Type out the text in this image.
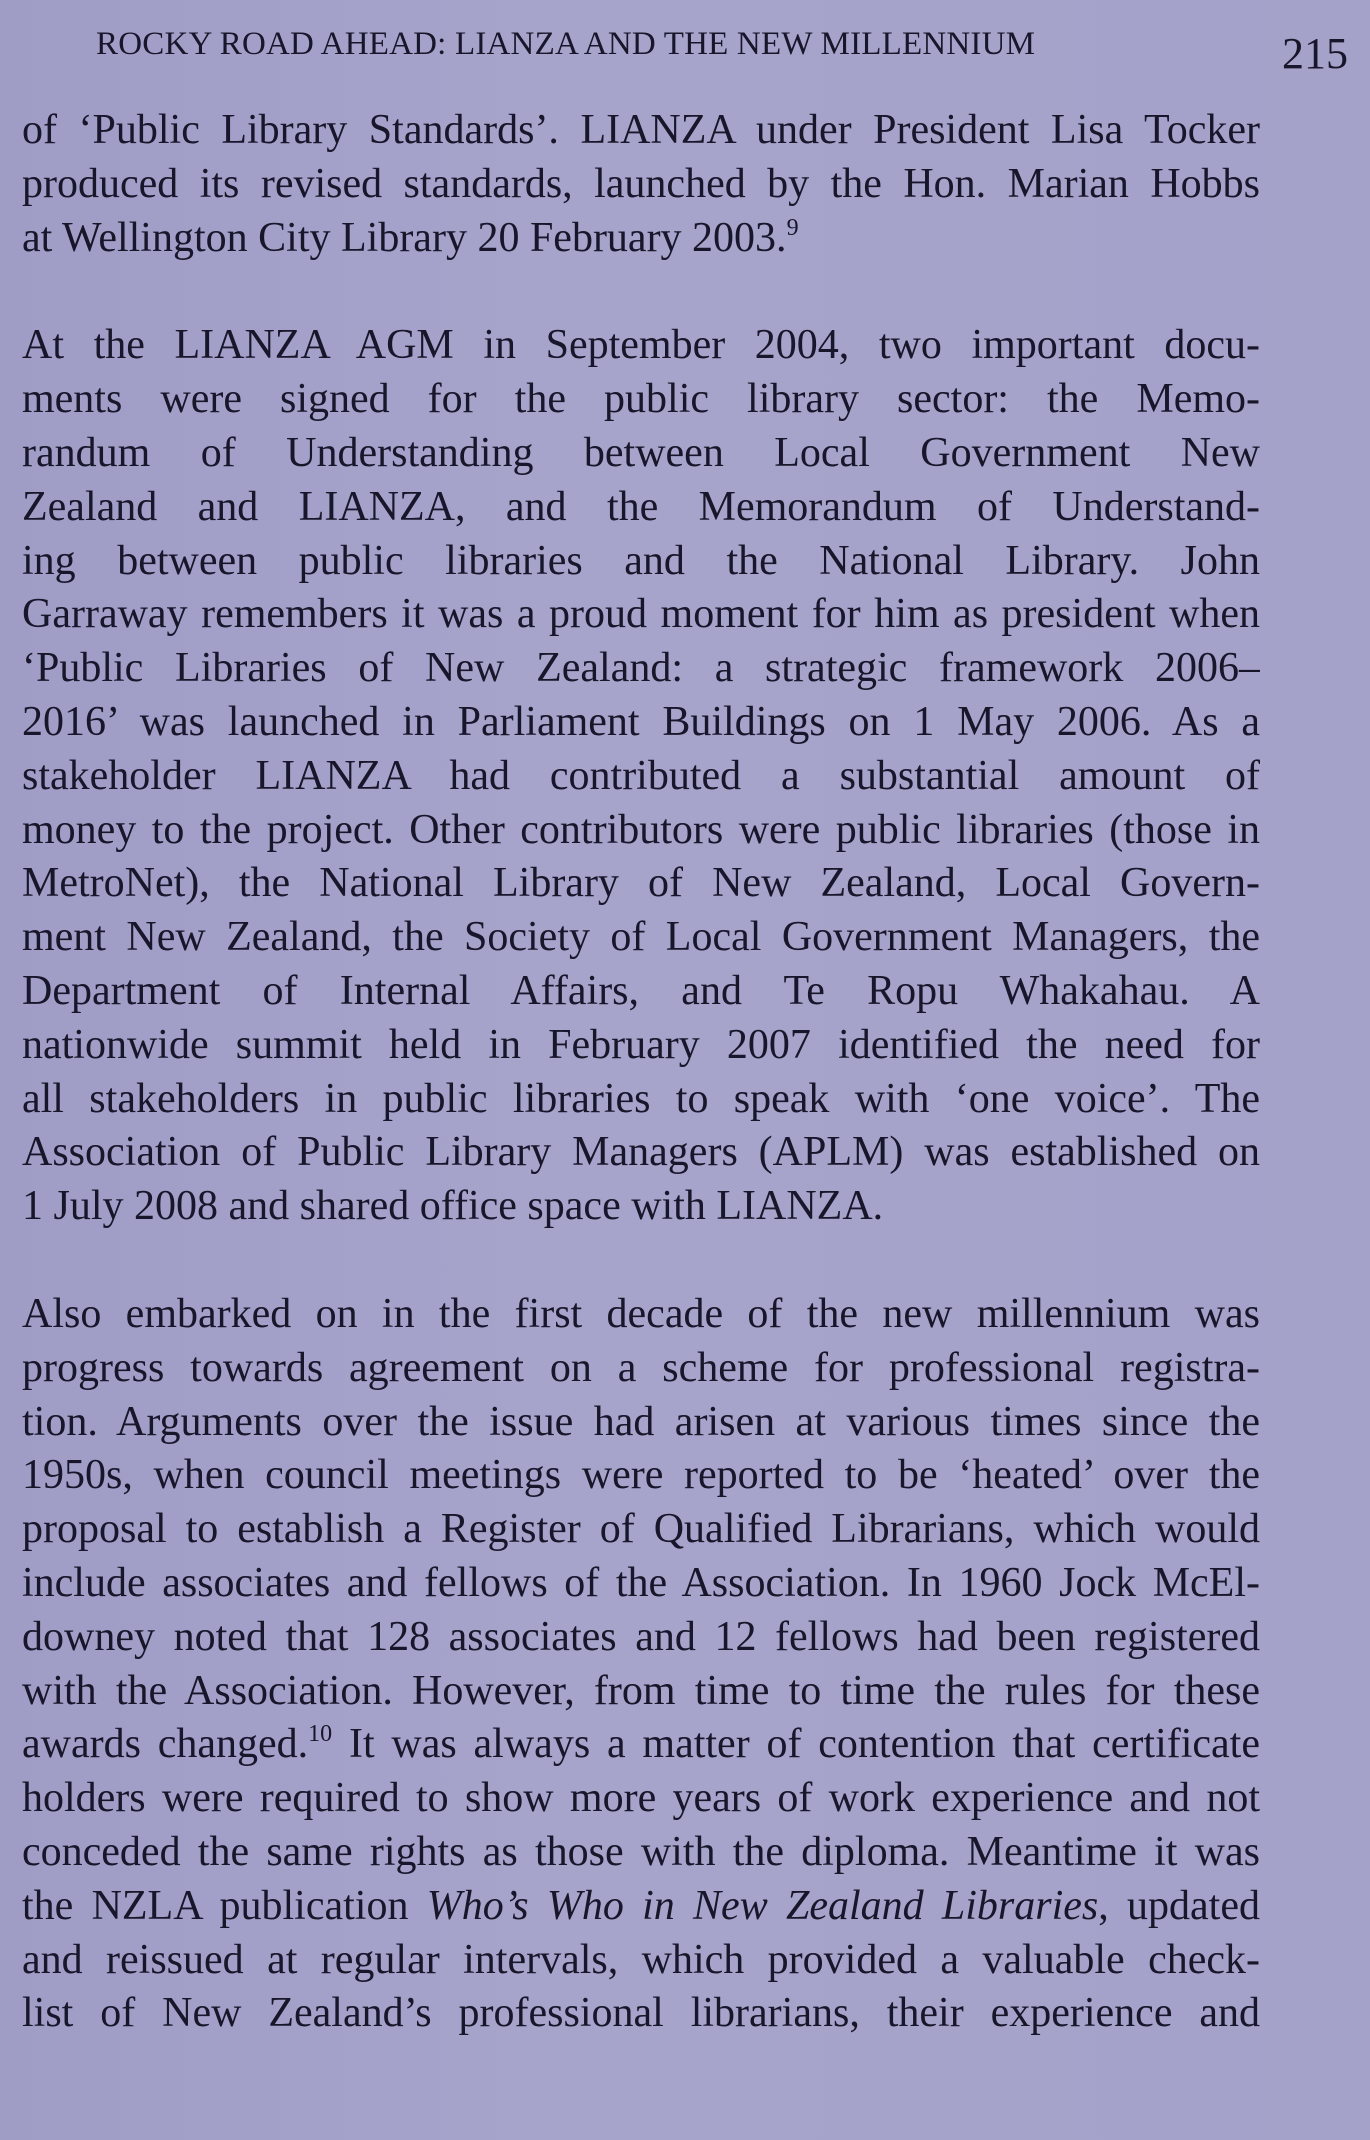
ROCKY ROAD AHEAD: LIANZA AND THE NEW MILLENNIUM	215
of ‘Public Library Standards’. LIANZA under President Lisa Tocker
produced its revised standards, launched by the Hon. Marian Hobbs
at Wellington City Library 20 February 2003.$^9$
At the LIANZA AGM in September 2004, two important docu-
ments were signed for the public library sector: the Memo-
randum of Understanding between Local Government New
Zealand and LIANZA, and the Memorandum of Understand-
ing between public libraries and the National Library. John
Garraway remembers it was a proud moment for him as president when
‘Public Libraries of New Zealand: a strategic framework 2006–
2016’ was launched in Parliament Buildings on 1 May 2006. As a
stakeholder LIANZA had contributed a substantial amount of
money to the project. Other contributors were public libraries (those in
MetroNet), the National Library of New Zealand, Local Govern-
ment New Zealand, the Society of Local Government Managers, the
Department of Internal Affairs, and Te Ropu Whakahau. A
nationwide summit held in February 2007 identified the need for
all stakeholders in public libraries to speak with ‘one voice’. The
Association of Public Library Managers (APLM) was established on
1 July 2008 and shared office space with LIANZA.
Also embarked on in the first decade of the new millennium was
progress towards agreement on a scheme for professional registra-
tion. Arguments over the issue had arisen at various times since the
1950s, when council meetings were reported to be ‘heated’ over the
proposal to establish a Register of Qualified Librarians, which would
include associates and fellows of the Association. In 1960 Jock McEl-
downey noted that 128 associates and 12 fellows had been registered
with the Association. However, from time to time the rules for these
awards changed.$^{10}$ It was always a matter of contention that certificate
holders were required to show more years of work experience and not
conceded the same rights as those with the diploma. Meantime it was
the NZLA publication Who’s Who in New Zealand Libraries, updated
and reissued at regular intervals, which provided a valuable check-
list of New Zealand’s professional librarians, their experience and
